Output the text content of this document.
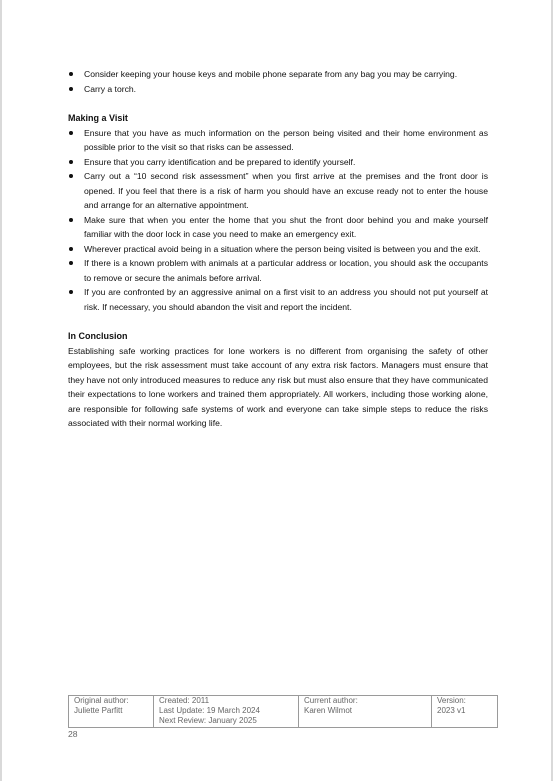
Consider keeping your house keys and mobile phone separate from any bag you may be carrying.
Carry a torch.

Making a Visit

Ensure that you have as much information on the person being visited and their home environment as possible prior to the visit so that risks can be assessed.
Ensure that you carry identification and be prepared to identify yourself.
Carry out a “10 second risk assessment” when you first arrive at the premises and the front door is opened. If you feel that there is a risk of harm you should have an excuse ready not to enter the house and arrange for an alternative appointment.
Make sure that when you enter the home that you shut the front door behind you and make yourself familiar with the door lock in case you need to make an emergency exit.
Wherever practical avoid being in a situation where the person being visited is between you and the exit.
If there is a known problem with animals at a particular address or location, you should ask the occupants to remove or secure the animals before arrival.
If you are confronted by an aggressive animal on a first visit to an address you should not put yourself at risk. If necessary, you should abandon the visit and report the incident.

In Conclusion

Establishing safe working practices for lone workers is no different from organising the safety of other employees, but the risk assessment must take account of any extra risk factors. Managers must ensure that they have not only introduced measures to reduce any risk but must also ensure that they have communicated their expectations to lone workers and trained them appropriately. All workers, including those working alone, are responsible for following safe systems of work and everyone can take simple steps to reduce the risks associated with their normal working life.

Original author:
Juliette Parfitt

Created: 2011
Last Update: 19 March 2024
Next Review: January 2025

Current author:
Karen Wilmot

Version:
2023 v1
28
